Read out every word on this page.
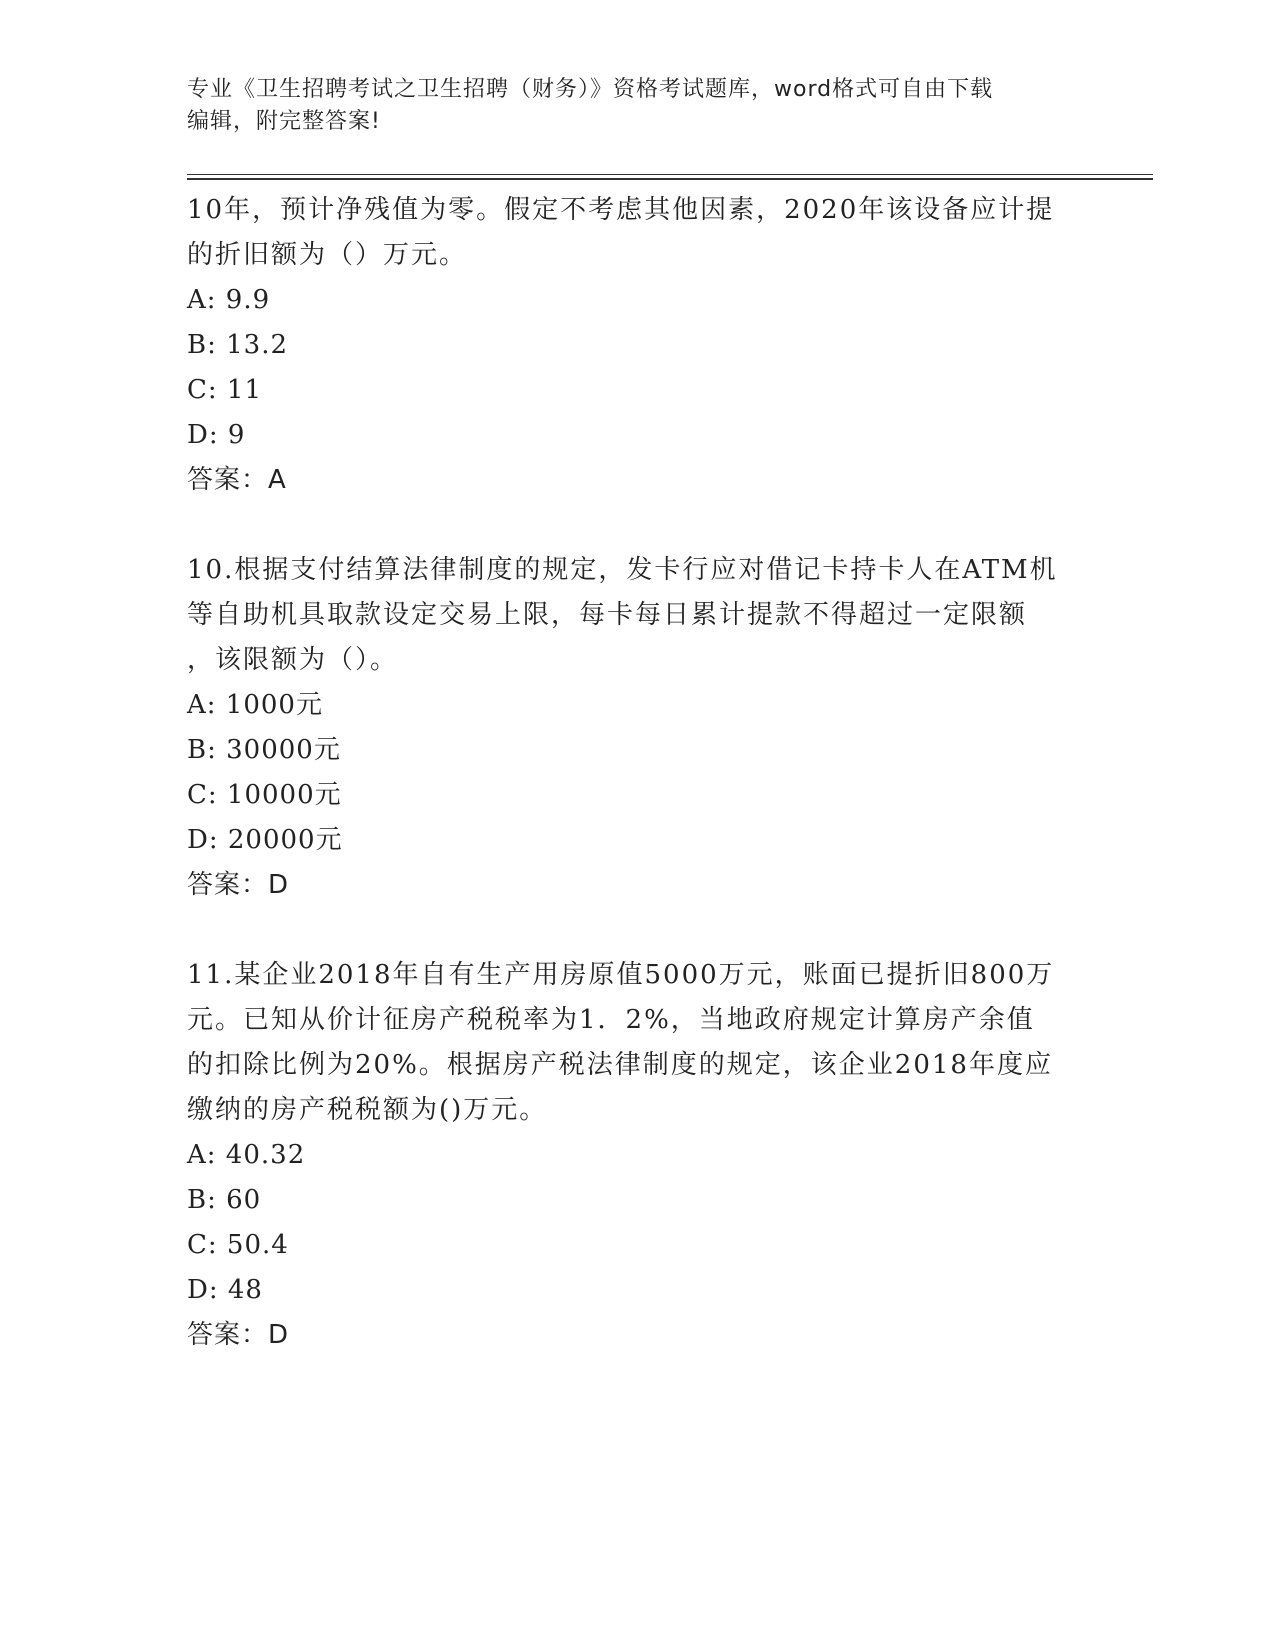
专业《卫生招聘考试之卫生招聘（财务）》资格考试题库，word格式可自由下载
编辑，附完整答案!
10年，预计净残值为零。假定不考虑其他因素，2020年该设备应计提
的折旧额为（）万元。
A: 9.9
B: 13.2
C: 11
D: 9
答案：A
10.根据支付结算法律制度的规定，发卡行应对借记卡持卡人在ATM机
等自助机具取款设定交易上限，每卡每日累计提款不得超过一定限额
，该限额为（）。
A: 1000元
B: 30000元
C: 10000元
D: 20000元
答案：D
11.某企业2018年自有生产用房原值5000万元，账面已提折旧800万
元。已知从价计征房产税税率为1．2%，当地政府规定计算房产余值
的扣除比例为20%。根据房产税法律制度的规定，该企业2018年度应
缴纳的房产税税额为()万元。
A: 40.32
B: 60
C: 50.4
D: 48
答案：D
